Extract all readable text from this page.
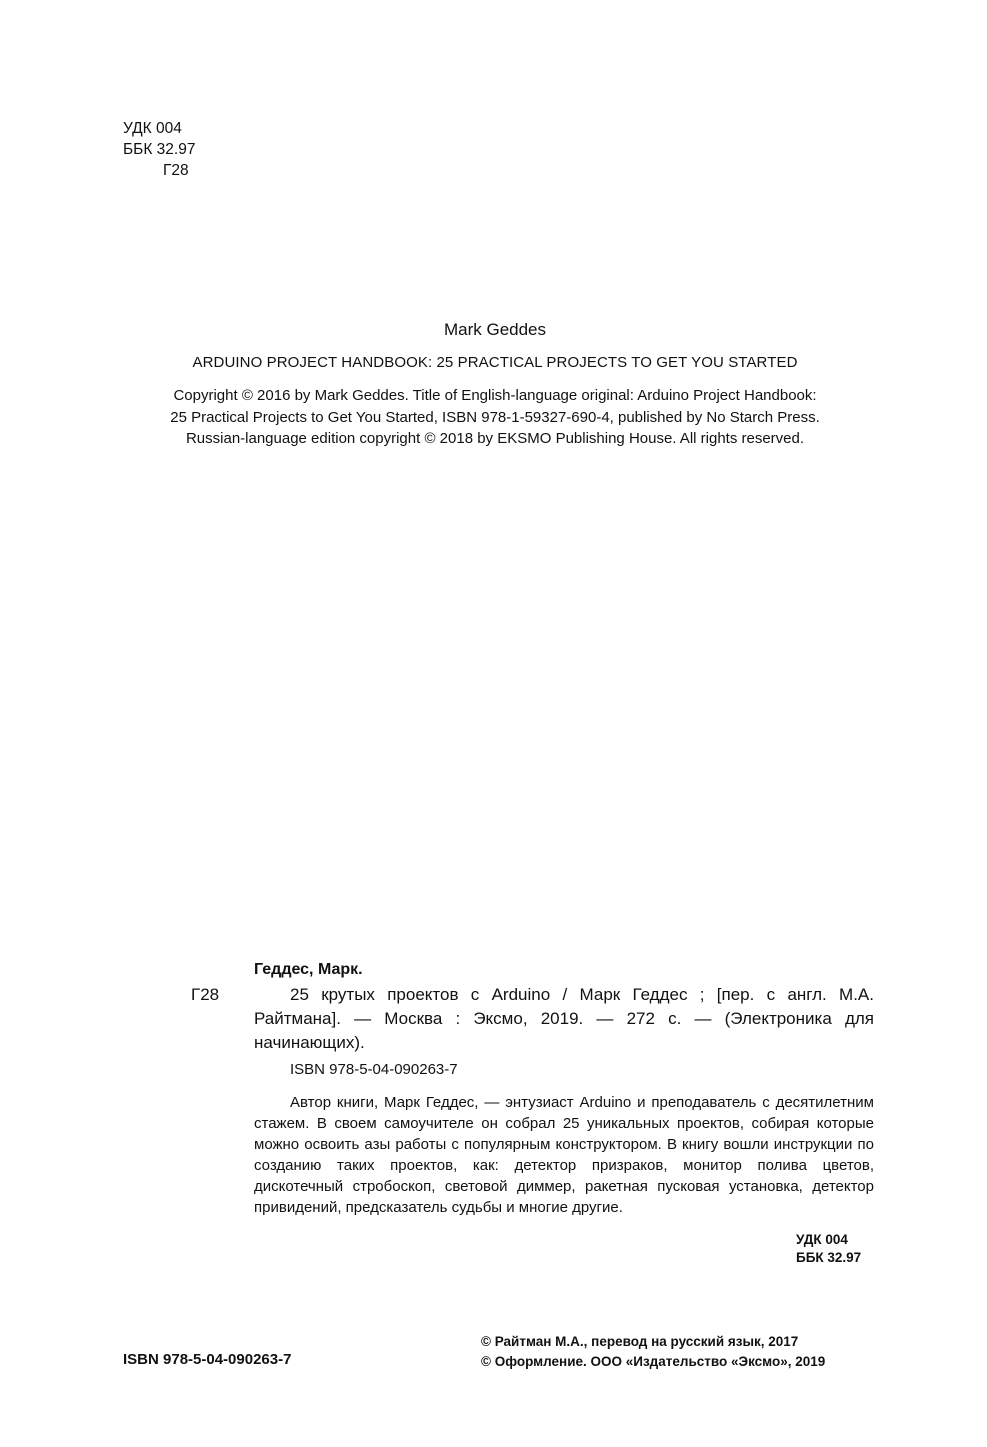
УДК 004
ББК 32.97
Г28
Mark Geddes
ARDUINO PROJECT HANDBOOK: 25 PRACTICAL PROJECTS TO GET YOU STARTED
Copyright © 2016 by Mark Geddes. Title of English-language original: Arduino Project Handbook:
25 Practical Projects to Get You Started, ISBN 978-1-59327-690-4, published by No Starch Press.
Russian-language edition copyright © 2018 by EKSMO Publishing House. All rights reserved.
Геддес, Марк.
Г28	25 крутых проектов с Arduino / Марк Геддес ; [пер. с англ. М.А. Райтмана]. — Москва : Эксмо, 2019. — 272 с. — (Электроника для начинающих).
ISBN 978-5-04-090263-7
Автор книги, Марк Геддес, — энтузиаст Arduino и преподаватель с десятилетним стажем. В своем самоучителе он собрал 25 уникальных проектов, собирая которые можно освоить азы работы с популярным конструктором. В книгу вошли инструкции по созданию таких проектов, как: детектор призраков, монитор полива цветов, дискотечный стробоскоп, световой диммер, ракетная пусковая установка, детектор привидений, предсказатель судьбы и многие другие.
УДК 004
ББК 32.97
ISBN 978-5-04-090263-7
© Райтман М.А., перевод на русский язык, 2017
© Оформление. ООО «Издательство «Эксмо», 2019
